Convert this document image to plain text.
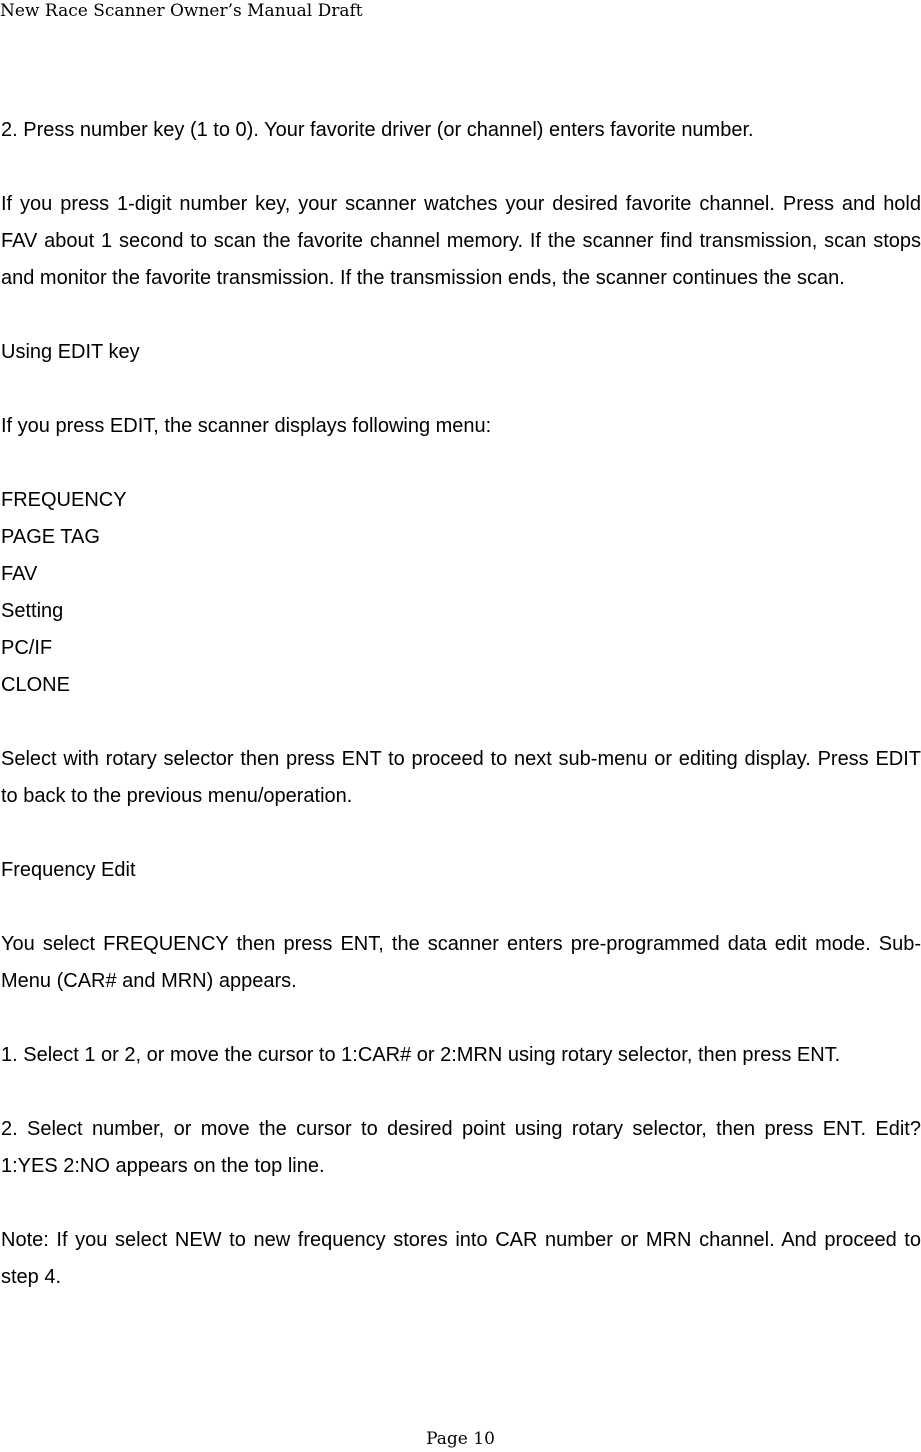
New Race Scanner Owner’s Manual Draft

2. Press number key (1 to 0). Your favorite driver (or channel) enters favorite number.

If you press 1-digit number key, your scanner watches your desired favorite channel. Press and hold FAV about 1 second to scan the favorite channel memory. If the scanner find transmission, scan stops and monitor the favorite transmission. If the transmission ends, the scanner continues the scan.

Using EDIT key

If you press EDIT, the scanner displays following menu:

FREQUENCY
PAGE TAG
FAV
Setting
PC/IF
CLONE

Select with rotary selector then press ENT to proceed to next sub-menu or editing display. Press EDIT to back to the previous menu/operation.

Frequency Edit

You select FREQUENCY then press ENT, the scanner enters pre-programmed data edit mode. Sub-Menu (CAR# and MRN) appears.

1. Select 1 or 2, or move the cursor to 1:CAR# or 2:MRN using rotary selector, then press ENT.

2. Select number, or move the cursor to desired point using rotary selector, then press ENT. Edit? 1:YES 2:NO appears on the top line.

Note: If you select NEW to new frequency stores into CAR number or MRN channel. And proceed to step 4.

Page 10
